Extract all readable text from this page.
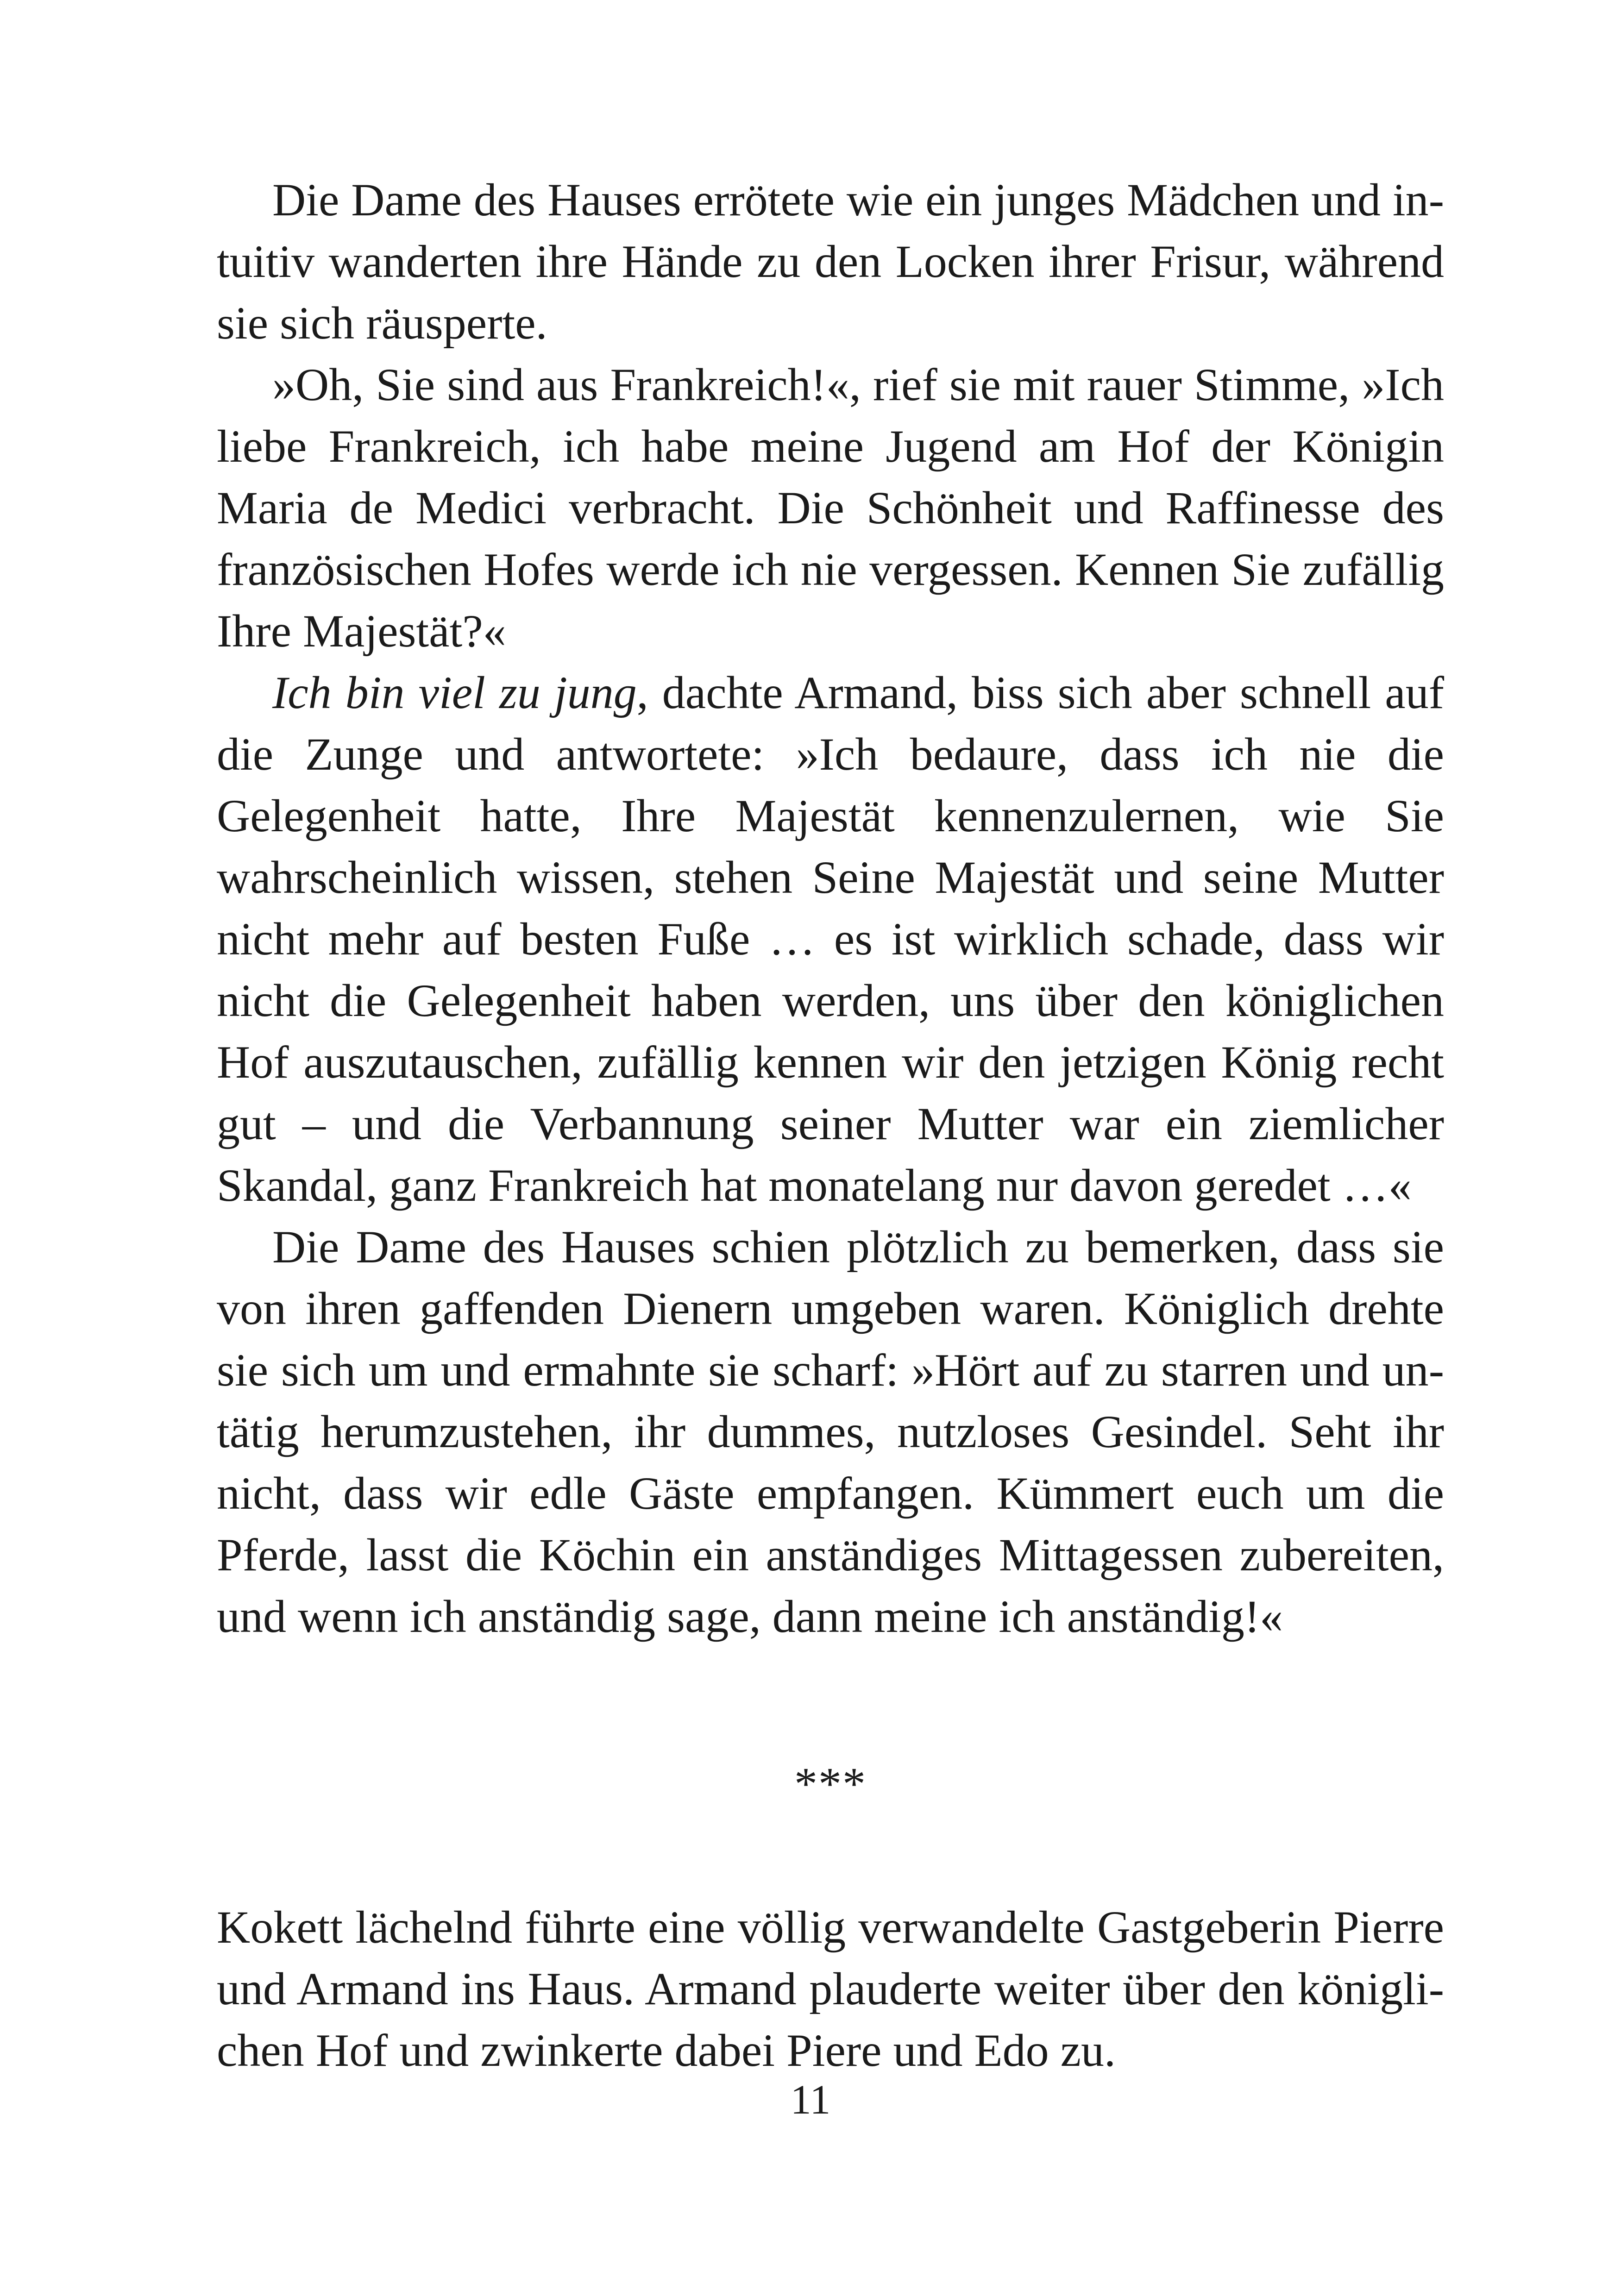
Die Dame des Hauses errötete wie ein junges Mädchen und intuitiv wanderten ihre Hände zu den Locken ihrer Frisur, während sie sich räusperte.

»Oh, Sie sind aus Frankreich!«, rief sie mit rauer Stimme, »Ich liebe Frankreich, ich habe meine Jugend am Hof der Königin Maria de Medici verbracht. Die Schönheit und Raffinesse des französischen Hofes werde ich nie vergessen. Kennen Sie zufällig Ihre Majestät?«

Ich bin viel zu jung, dachte Armand, biss sich aber schnell auf die Zunge und antwortete: »Ich bedaure, dass ich nie die Gelegenheit hatte, Ihre Majestät kennenzulernen, wie Sie wahrscheinlich wissen, stehen Seine Majestät und seine Mutter nicht mehr auf besten Fuße … es ist wirklich schade, dass wir nicht die Gelegenheit haben werden, uns über den königlichen Hof auszutauschen, zufällig kennen wir den jetzigen König recht gut – und die Verbannung seiner Mutter war ein ziemlicher Skandal, ganz Frankreich hat monatelang nur davon geredet …«

Die Dame des Hauses schien plötzlich zu bemerken, dass sie von ihren gaffenden Dienern umgeben waren. Königlich drehte sie sich um und ermahnte sie scharf: »Hört auf zu starren und untätig herumzustehen, ihr dummes, nutzloses Gesindel. Seht ihr nicht, dass wir edle Gäste empfangen. Kümmert euch um die Pferde, lasst die Köchin ein anständiges Mittagessen zubereiten, und wenn ich anständig sage, dann meine ich anständig!«

***

Kokett lächelnd führte eine völlig verwandelte Gastgeberin Pierre und Armand ins Haus. Armand plauderte weiter über den königlichen Hof und zwinkerte dabei Piere und Edo zu.

11
